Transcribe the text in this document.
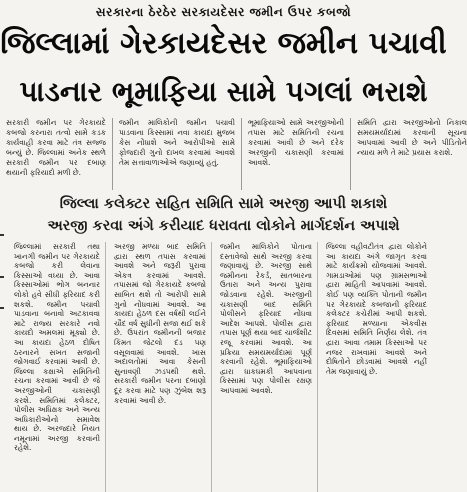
સરકારના ઠેરઠેર સરકાયદેસર જમીન ઉપર કબજો
જિલ્લામાં ગેરકાયદેસર જમીન પચાવી
પાડનાર ભૂમાફિયા સામે પગલાં ભરાશે
સરકારી જમીન પર ગેરકાયદે કબજો કરનારા તત્વો સામે કડક કાર્યવાહી કરવા માટે તંત્ર સજ્જ બન્યું છે. જિલ્લામાં અનેક સ્થળે સરકારી જમીન પર દબાણ થયાની ફરિયાદો મળી છે.
જમીન માલિકોની જમીન પચાવી પાડવાના કિસ્સામાં નવા કાયદા મુજબ કેસ નોંધાશે અને આરોપીઓ સામે ફોજદારી ગુનો દાખલ કરવામાં આવશે તેમ સત્તાવાળાઓએ જણાવ્યું હતું.
ભૂમાફિયાઓ સામે અરજીઓની તપાસ માટે સમિતિની રચના કરવામાં આવી છે અને દરેક અરજીની ચકાસણી કરવામાં આવશે.
સમિતિ દ્વારા અરજીઓનો નિકાલ સમયમર્યાદામાં કરવાની સૂચના આપવામાં આવી છે અને પીડિતોને ન્યાય મળે તે માટે પ્રયાસ કરાશે.
જિલ્લા કલેક્ટર સહિત સમિતિ સામે અરજી આપી શકાશે
અરજી કરવા અંગે કરીયાદ ધરાવતા લોકોને માર્ગદર્શન અપાશે
જિલ્લામાં સરકારી તથા ખાનગી જમીન પર ગેરકાયદે કબજો કરી લેવાના કિસ્સાઓ વધ્યા છે. આવા કિસ્સાઓમાં ભોગ બનનાર લોકો હવે સીધી ફરિયાદ કરી શકશે. જમીન પચાવી પાડવાના બનાવો અટકાવવા માટે રાજ્ય સરકારે નવો કાયદો અમલમાં મૂક્યો છે. આ કાયદા હેઠળ દોષિત ઠરનારને સખત સજાની જોગવાઈ કરવામાં આવી છે. જિલ્લા કક્ષાએ સમિતિની રચના કરવામાં આવી છે જે અરજીઓની ચકાસણી કરશે. સમિતિમાં કલેક્ટર, પોલીસ અધિક્ષક અને અન્ય અધિકારીઓનો સમાવેશ થાય છે. અરજદારે નિયત નમૂનામાં અરજી કરવાની રહેશે.
અરજી મળ્યા બાદ સમિતિ દ્વારા સ્થળ તપાસ કરવામાં આવશે અને જરૂરી પુરાવા એકત્ર કરવામાં આવશે. તપાસમાં જો ગેરકાયદે કબજો સાબિત થશે તો આરોપી સામે ગુનો નોંધવામાં આવશે. આ કાયદા હેઠળ દસ વર્ષથી લઈને ચૌદ વર્ષ સુધીની સજા થઈ શકે છે. ઉપરાંત જમીનની બજાર કિંમત જેટલો દંડ પણ વસૂલવામાં આવશે. ખાસ અદાલતોમાં આવા કેસની સુનાવણી ઝડપથી થશે. સરકારી જમીન પરના દબાણો દૂર કરવા માટે પણ ઝુંબેશ શરૂ કરવામાં આવી છે.
જમીન માલિકોને પોતાના દસ્તાવેજો સાથે અરજી કરવા જણાવાયું છે. અરજી સાથે જમીનના રેકર્ડ, સાતબારના ઉતારા અને અન્ય પુરાવા જોડવાના રહેશે. અરજીની ચકાસણી બાદ સમિતિ પોલીસને ફરિયાદ નોંધવા આદેશ આપશે. પોલીસ દ્વારા તપાસ પૂર્ણ થયા બાદ ચાર્જશીટ રજૂ કરવામાં આવશે. આ પ્રક્રિયા સમયમર્યાદામાં પૂર્ણ કરવાની રહેશે. ભૂમાફિયાઓ દ્વારા ધાકધમકી આપવાના કિસ્સામાં પણ પોલીસ રક્ષણ આપવામાં આવશે.
જિલ્લા વહીવટીતંત્ર દ્વારા લોકોને આ કાયદા અંગે જાગૃત કરવા માટે કાર્યક્રમો યોજવામાં આવશે. ગામડાઓમાં પણ ગ્રામસભાઓ દ્વારા માહિતી આપવામાં આવશે. કોઈ પણ વ્યક્તિ પોતાની જમીન પર ગેરકાયદે કબજાની ફરિયાદ કલેક્ટર કચેરીમાં આપી શકશે. ફરિયાદ મળ્યાના એકવીસ દિવસમાં સમિતિ નિર્ણય લેશે. તંત્ર દ્વારા આવા તમામ કિસ્સાઓ પર નજર રાખવામાં આવશે અને દોષિતોને છોડવામાં આવશે નહીં તેમ જણાવાયું છે.
